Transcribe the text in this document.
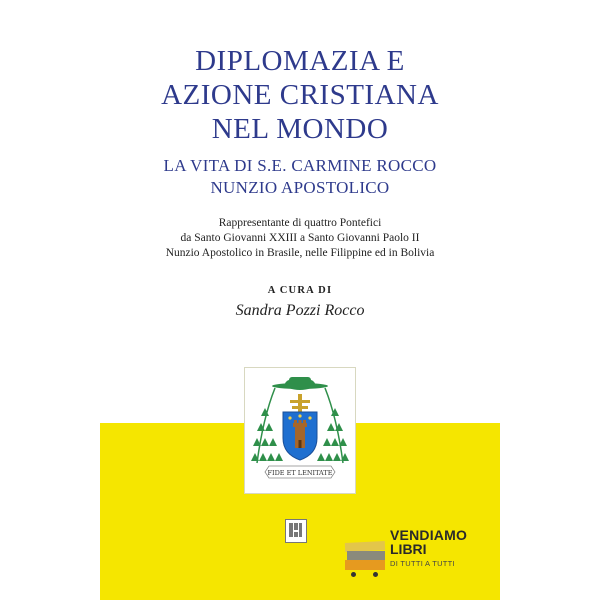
DIPLOMAZIA E
AZIONE CRISTIANA
NEL MONDO
LA VITA DI S.E. CARMINE ROCCO
NUNZIO APOSTOLICO
Rappresentante di quattro Pontefici
da Santo Giovanni XXIII a Santo Giovanni Paolo II
Nunzio Apostolico in Brasile, nelle Filippine ed in Bolivia
A CURA DI
Sandra Pozzi Rocco
FIDE ET LENITATE
VENDIAMO
LIBRI
DI TUTTI A TUTTI
